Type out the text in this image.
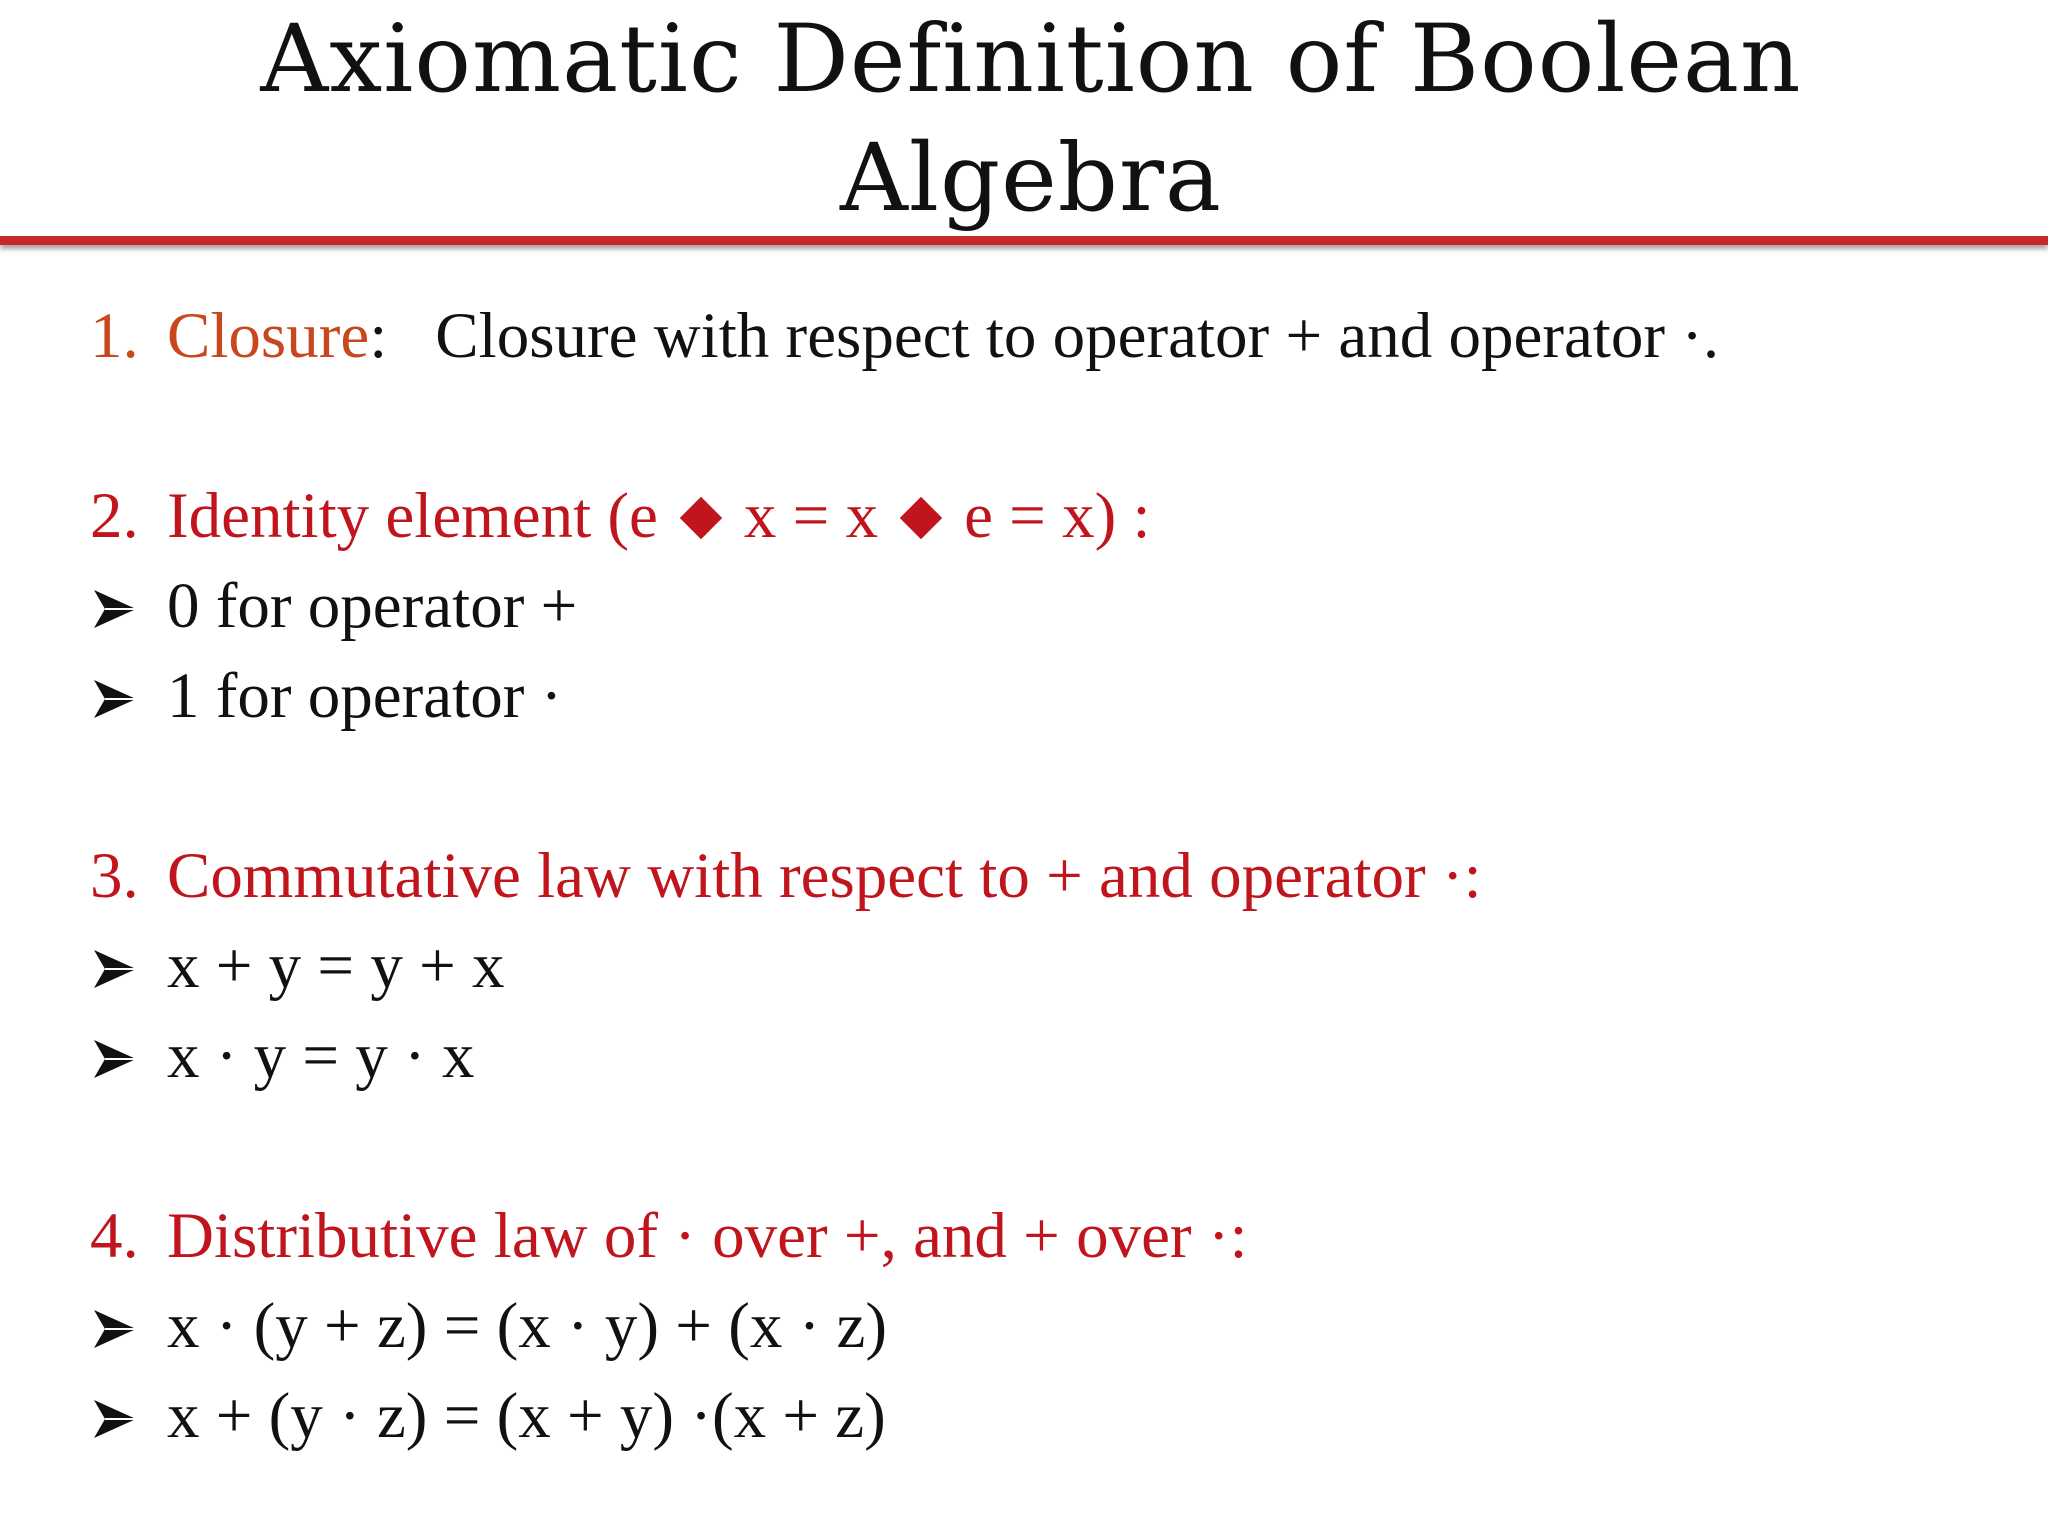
Axiomatic Definition of Boolean
Algebra
1. Closure: Closure with respect to operator + and operator ·.
2. Identity element (e x = x e = x) :
0 for operator +
1 for operator ·
3. Commutative law with respect to + and operator ·:
x + y = y + x
x · y = y · x
4. Distributive law of · over +, and + over ·:
x · (y + z) = (x · y) + (x · z)
x + (y · z) = (x + y) ·(x + z)
